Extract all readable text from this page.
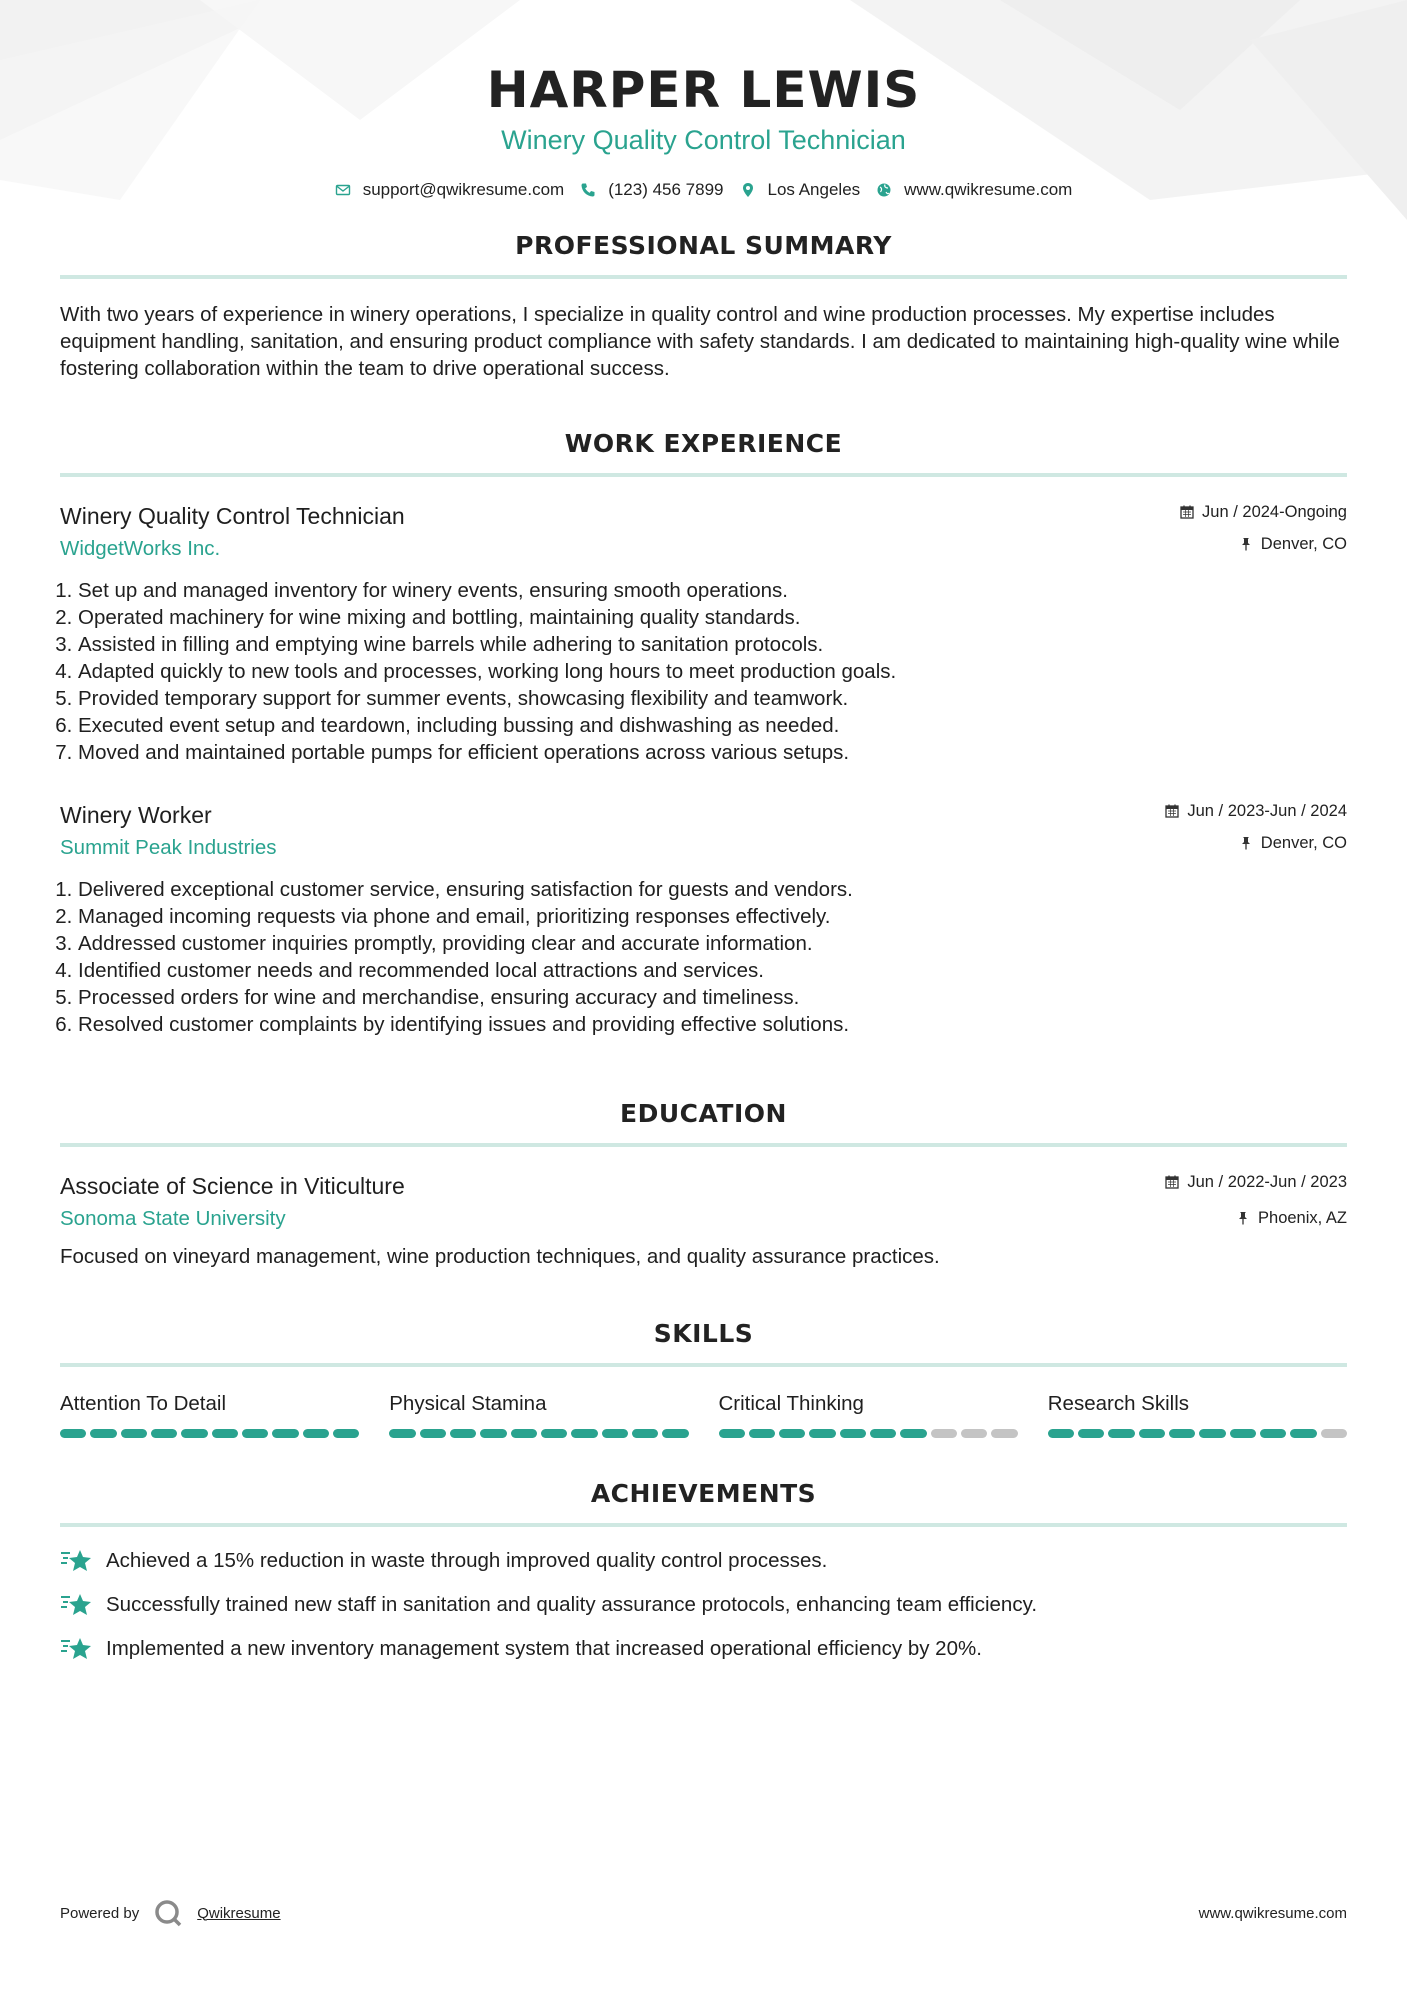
HARPER LEWIS
Winery Quality Control Technician
support@qwikresume.com	(123) 456 7899	Los Angeles	www.qwikresume.com
PROFESSIONAL SUMMARY
With two years of experience in winery operations, I specialize in quality control and wine production processes. My expertise includes equipment handling, sanitation, and ensuring product compliance with safety standards. I am dedicated to maintaining high-quality wine while fostering collaboration within the team to drive operational success.
WORK EXPERIENCE
Winery Quality Control Technician
WidgetWorks Inc.
Jun / 2024-Ongoing
Denver, CO
1. Set up and managed inventory for winery events, ensuring smooth operations.
2. Operated machinery for wine mixing and bottling, maintaining quality standards.
3. Assisted in filling and emptying wine barrels while adhering to sanitation protocols.
4. Adapted quickly to new tools and processes, working long hours to meet production goals.
5. Provided temporary support for summer events, showcasing flexibility and teamwork.
6. Executed event setup and teardown, including bussing and dishwashing as needed.
7. Moved and maintained portable pumps for efficient operations across various setups.
Winery Worker
Summit Peak Industries
Jun / 2023-Jun / 2024
Denver, CO
1. Delivered exceptional customer service, ensuring satisfaction for guests and vendors.
2. Managed incoming requests via phone and email, prioritizing responses effectively.
3. Addressed customer inquiries promptly, providing clear and accurate information.
4. Identified customer needs and recommended local attractions and services.
5. Processed orders for wine and merchandise, ensuring accuracy and timeliness.
6. Resolved customer complaints by identifying issues and providing effective solutions.
EDUCATION
Associate of Science in Viticulture
Sonoma State University
Jun / 2022-Jun / 2023
Phoenix, AZ
Focused on vineyard management, wine production techniques, and quality assurance practices.
SKILLS
Attention To Detail	Physical Stamina	Critical Thinking	Research Skills
ACHIEVEMENTS
Achieved a 15% reduction in waste through improved quality control processes.
Successfully trained new staff in sanitation and quality assurance protocols, enhancing team efficiency.
Implemented a new inventory management system that increased operational efficiency by 20%.
Powered by	Qwikresume	www.qwikresume.com
